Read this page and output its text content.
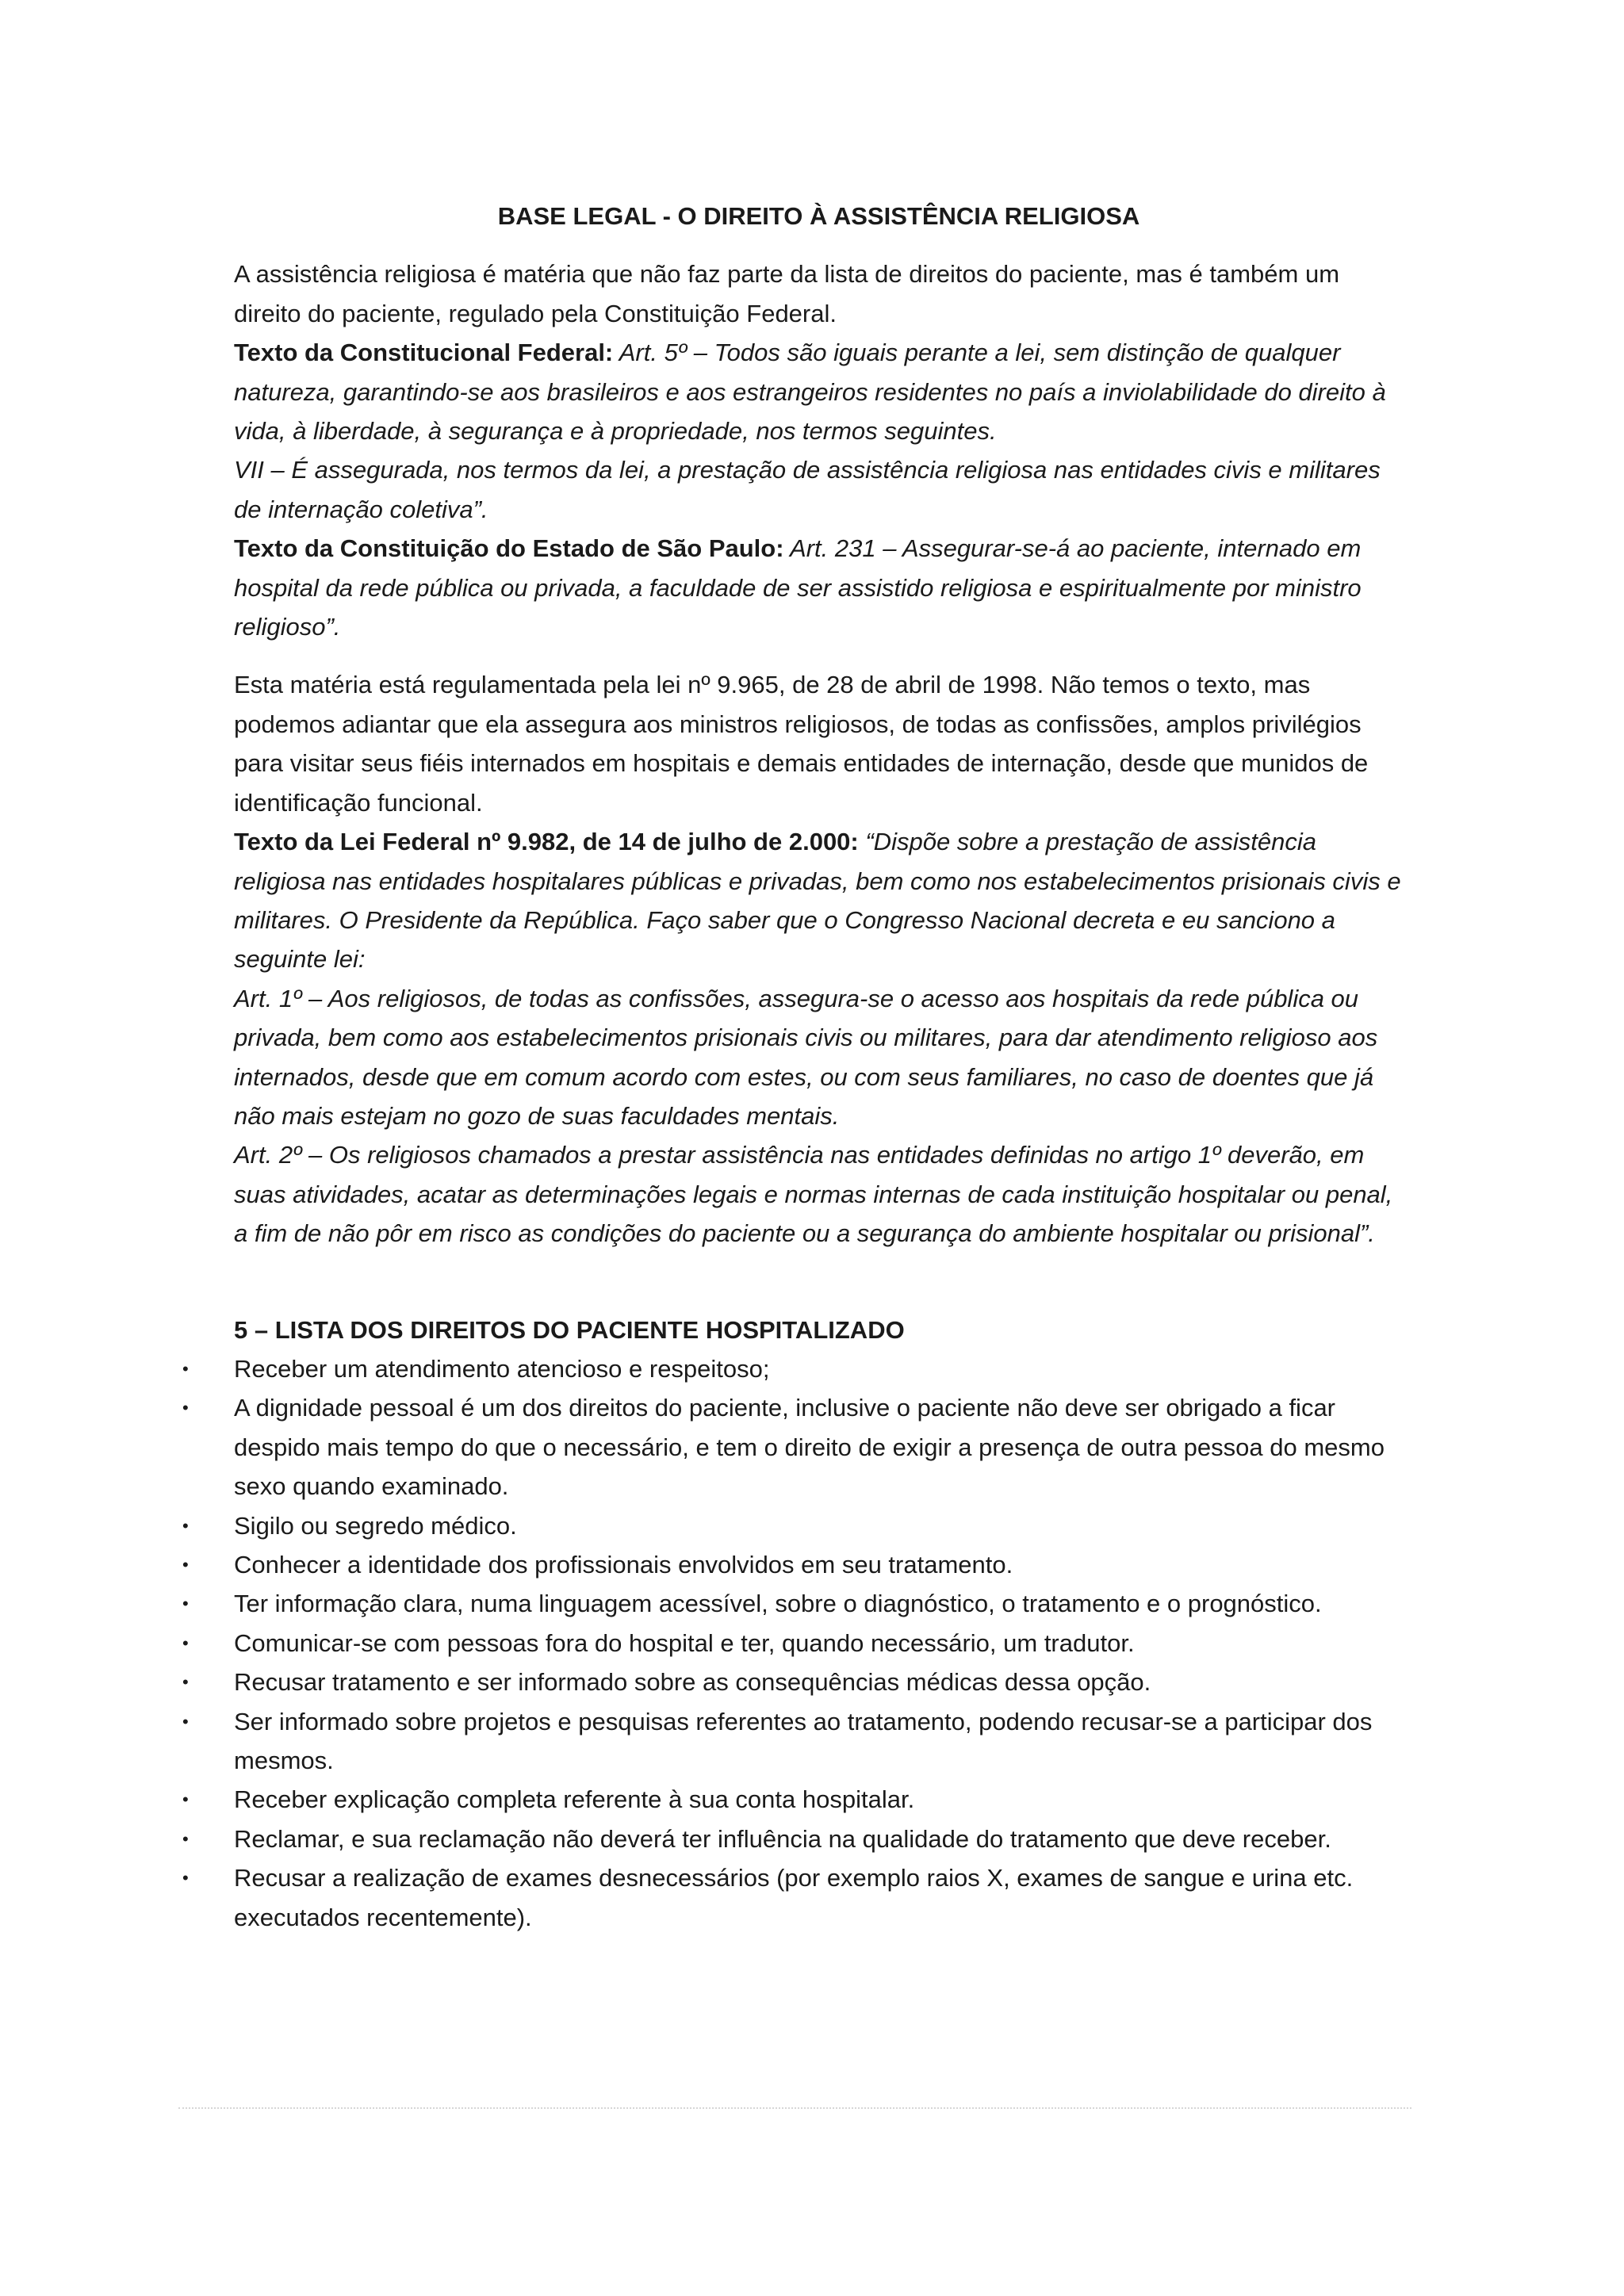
BASE LEGAL - O DIREITO À ASSISTÊNCIA RELIGIOSA

A assistência religiosa é matéria que não faz parte da lista de direitos do paciente, mas é também um direito do paciente, regulado pela Constituição Federal.

Texto da Constitucional Federal: Art. 5º – Todos são iguais perante a lei, sem distinção de qualquer natureza, garantindo-se aos brasileiros e aos estrangeiros residentes no país a inviolabilidade do direito à vida, à liberdade, à segurança e à propriedade, nos termos seguintes.

VII – É assegurada, nos termos da lei, a prestação de assistência religiosa nas entidades civis e militares de internação coletiva”.

Texto da Constituição do Estado de São Paulo: Art. 231 – Assegurar-se-á ao paciente, internado em hospital da rede pública ou privada, a faculdade de ser assistido religiosa e espiritualmente por ministro religioso”.

Esta matéria está regulamentada pela lei nº 9.965, de 28 de abril de 1998. Não temos o texto, mas podemos adiantar que ela assegura aos ministros religiosos, de todas as confissões, amplos privilégios para visitar seus fiéis internados em hospitais e demais entidades de internação, desde que munidos de identificação funcional.

Texto da Lei Federal nº 9.982, de 14 de julho de 2.000: “Dispõe sobre a prestação de assistência religiosa nas entidades hospitalares públicas e privadas, bem como nos estabelecimentos prisionais civis e militares. O Presidente da República. Faço saber que o Congresso Nacional decreta e eu sanciono a seguinte lei:

Art. 1º – Aos religiosos, de todas as confissões, assegura-se o acesso aos hospitais da rede pública ou privada, bem como aos estabelecimentos prisionais civis ou militares, para dar atendimento religioso aos internados, desde que em comum acordo com estes, ou com seus familiares, no caso de doentes que já não mais estejam no gozo de suas faculdades mentais.

Art. 2º – Os religiosos chamados a prestar assistência nas entidades definidas no artigo 1º deverão, em suas atividades, acatar as determinações legais e normas internas de cada instituição hospitalar ou penal, a fim de não pôr em risco as condições do paciente ou a segurança do ambiente hospitalar ou prisional”.

5 – LISTA DOS DIREITOS DO PACIENTE HOSPITALIZADO

• Receber um atendimento atencioso e respeitoso;
• A dignidade pessoal é um dos direitos do paciente, inclusive o paciente não deve ser obrigado a ficar despido mais tempo do que o necessário, e tem o direito de exigir a presença de outra pessoa do mesmo sexo quando examinado.
• Sigilo ou segredo médico.
• Conhecer a identidade dos profissionais envolvidos em seu tratamento.
• Ter informação clara, numa linguagem acessível, sobre o diagnóstico, o tratamento e o prognóstico.
• Comunicar-se com pessoas fora do hospital e ter, quando necessário, um tradutor.
• Recusar tratamento e ser informado sobre as consequências médicas dessa opção.
• Ser informado sobre projetos e pesquisas referentes ao tratamento, podendo recusar-se a participar dos mesmos.
• Receber explicação completa referente à sua conta hospitalar.
• Reclamar, e sua reclamação não deverá ter influência na qualidade do tratamento que deve receber.
• Recusar a realização de exames desnecessários (por exemplo raios X, exames de sangue e urina etc. executados recentemente).
